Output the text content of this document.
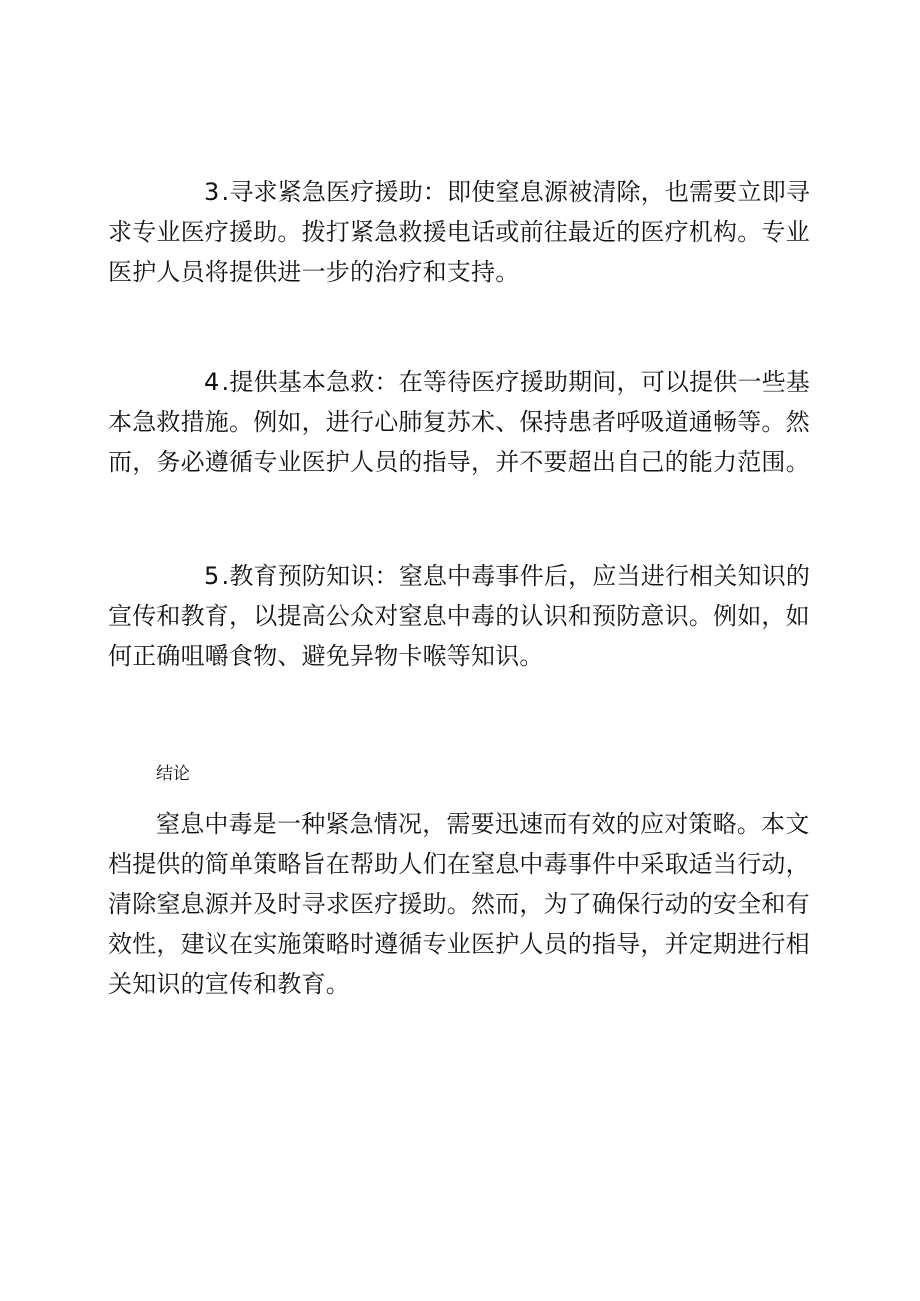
3.寻求紧急医疗援助：即使窒息源被清除，也需要立即寻求专业医疗援助。拨打紧急救援电话或前往最近的医疗机构。专业医护人员将提供进一步的治疗和支持。

4.提供基本急救：在等待医疗援助期间，可以提供一些基本急救措施。例如，进行心肺复苏术、保持患者呼吸道通畅等。然而，务必遵循专业医护人员的指导，并不要超出自己的能力范围。

5.教育预防知识：窒息中毒事件后，应当进行相关知识的宣传和教育，以提高公众对窒息中毒的认识和预防意识。例如，如何正确咀嚼食物、避免异物卡喉等知识。

结论

窒息中毒是一种紧急情况，需要迅速而有效的应对策略。本文档提供的简单策略旨在帮助人们在窒息中毒事件中采取适当行动，清除窒息源并及时寻求医疗援助。然而，为了确保行动的安全和有效性，建议在实施策略时遵循专业医护人员的指导，并定期进行相关知识的宣传和教育。
